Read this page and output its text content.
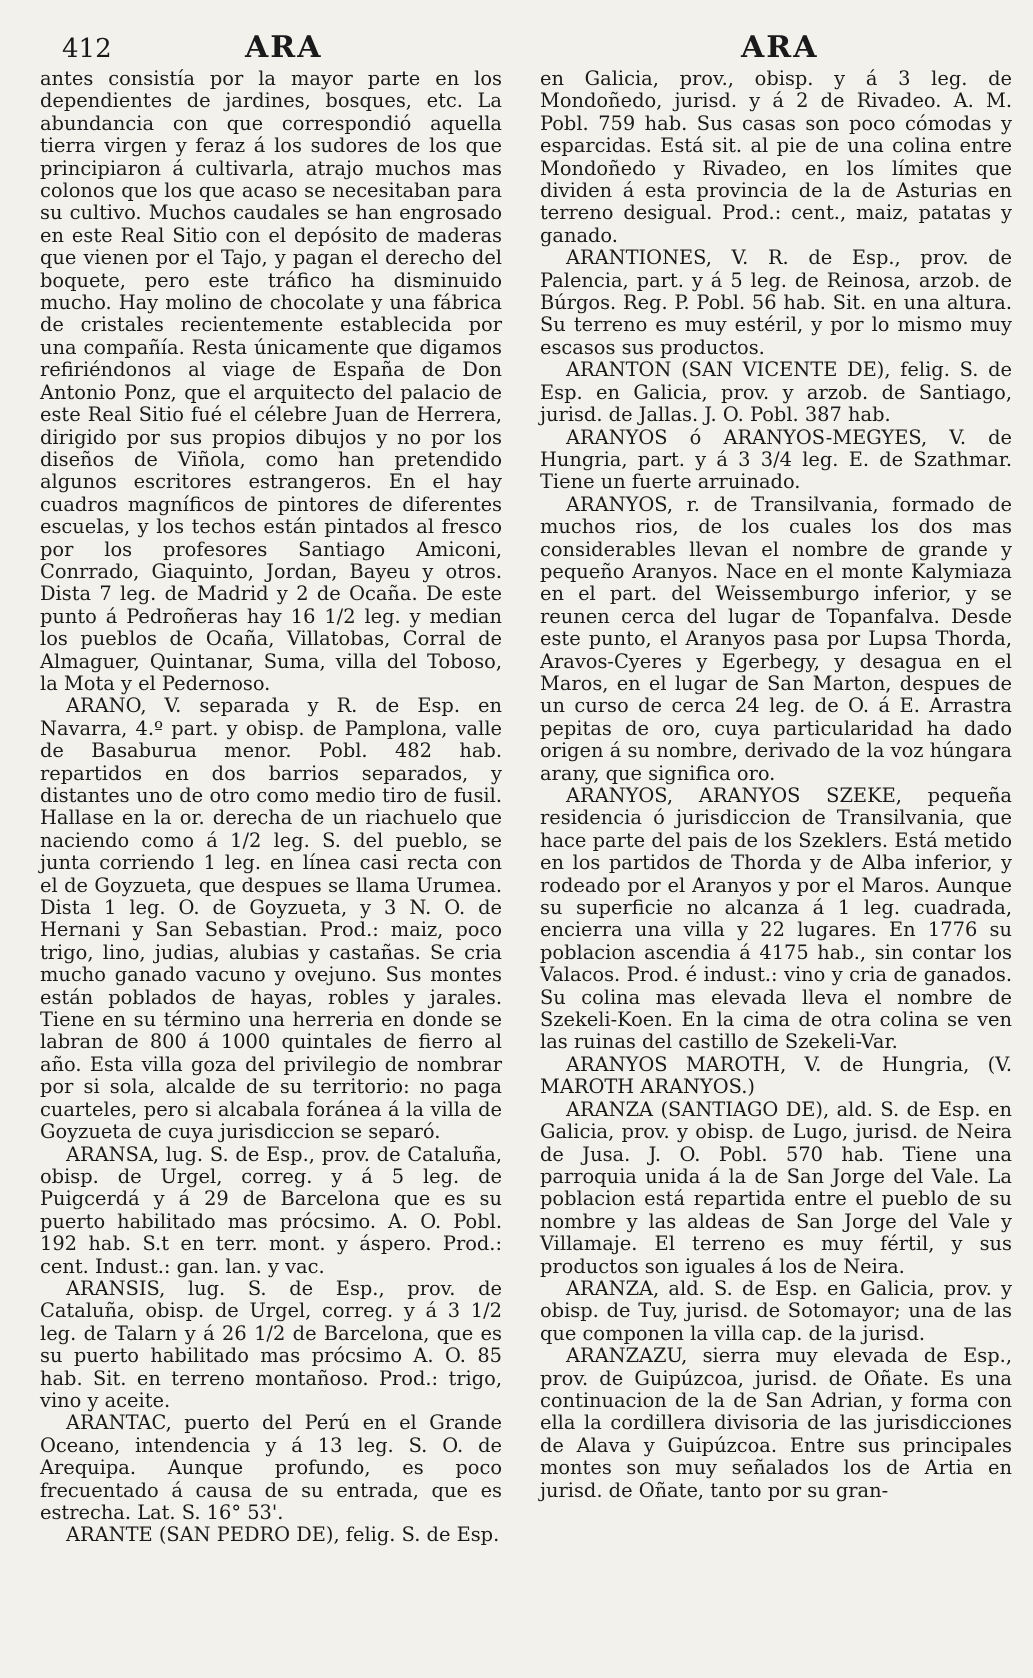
412	ARA	ARA

antes consistía por la mayor parte en los dependientes de jardines, bosques, etc. La abundancia con que correspondió aquella tierra virgen y feraz á los sudores de los que principiaron á cultivarla, atrajo muchos mas colonos que los que acaso se necesitaban para su cultivo. Muchos caudales se han engrosado en este Real Sitio con el depósito de maderas que vienen por el Tajo, y pagan el derecho del boquete, pero este tráfico ha disminuido mucho. Hay molino de chocolate y una fábrica de cristales recientemente establecida por una compañía. Resta únicamente que digamos refiriéndonos al viage de España de Don Antonio Ponz, que el arquitecto del palacio de este Real Sitio fué el célebre Juan de Herrera, dirigido por sus propios dibujos y no por los diseños de Viñola, como han pretendido algunos escritores estrangeros. En el hay cuadros magníficos de pintores de diferentes escuelas, y los techos están pintados al fresco por los profesores Santiago Amiconi, Conrrado, Giaquinto, Jordan, Bayeu y otros. Dista 7 leg. de Madrid y 2 de Ocaña. De este punto á Pedroñeras hay 16 1/2 leg. y median los pueblos de Ocaña, Villatobas, Corral de Almaguer, Quintanar, Suma, villa del Toboso, la Mota y el Pedernoso.

ARANO, V. separada y R. de Esp. en Navarra, 4.º part. y obisp. de Pamplona, valle de Basaburua menor. Pobl. 482 hab. repartidos en dos barrios separados, y distantes uno de otro como medio tiro de fusil. Hallase en la or. derecha de un riachuelo que naciendo como á 1/2 leg. S. del pueblo, se junta corriendo 1 leg. en línea casi recta con el de Goyzueta, que despues se llama Urumea. Dista 1 leg. O. de Goyzueta, y 3 N. O. de Hernani y San Sebastian. Prod.: maiz, poco trigo, lino, judias, alubias y castañas. Se cria mucho ganado vacuno y ovejuno. Sus montes están poblados de hayas, robles y jarales. Tiene en su término una herreria en donde se labran de 800 á 1000 quintales de fierro al año. Esta villa goza del privilegio de nombrar por si sola, alcalde de su territorio: no paga cuarteles, pero si alcabala foránea á la villa de Goyzueta de cuya jurisdiccion se separó.

ARANSA, lug. S. de Esp., prov. de Cataluña, obisp. de Urgel, correg. y á 5 leg. de Puigcerdá y á 29 de Barcelona que es su puerto habilitado mas prócsimo. A. O. Pobl. 192 hab. S.t en terr. mont. y áspero. Prod.: cent. Indust.: gan. lan. y vac.

ARANSIS, lug. S. de Esp., prov. de Cataluña, obisp. de Urgel, correg. y á 3 1/2 leg. de Talarn y á 26 1/2 de Barcelona, que es su puerto habilitado mas prócsimo A. O. 85 hab. Sit. en terreno montañoso. Prod.: trigo, vino y aceite.

ARANTAC, puerto del Perú en el Grande Oceano, intendencia y á 13 leg. S. O. de Arequipa. Aunque profundo, es poco frecuentado á causa de su entrada, que es estrecha. Lat. S. 16° 53'.

ARANTE (SAN PEDRO DE), felig. S. de Esp.

en Galicia, prov., obisp. y á 3 leg. de Mondoñedo, jurisd. y á 2 de Rivadeo. A. M. Pobl. 759 hab. Sus casas son poco cómodas y esparcidas. Está sit. al pie de una colina entre Mondoñedo y Rivadeo, en los límites que dividen á esta provincia de la de Asturias en terreno desigual. Prod.: cent., maiz, patatas y ganado.

ARANTIONES, V. R. de Esp., prov. de Palencia, part. y á 5 leg. de Reinosa, arzob. de Búrgos. Reg. P. Pobl. 56 hab. Sit. en una altura. Su terreno es muy estéril, y por lo mismo muy escasos sus productos.

ARANTON (SAN VICENTE DE), felig. S. de Esp. en Galicia, prov. y arzob. de Santiago, jurisd. de Jallas. J. O. Pobl. 387 hab.

ARANYOS ó ARANYOS-MEGYES, V. de Hungria, part. y á 3 3/4 leg. E. de Szathmar. Tiene un fuerte arruinado.

ARANYOS, r. de Transilvania, formado de muchos rios, de los cuales los dos mas considerables llevan el nombre de grande y pequeño Aranyos. Nace en el monte Kalymiaza en el part. del Weissemburgo inferior, y se reunen cerca del lugar de Topanfalva. Desde este punto, el Aranyos pasa por Lupsa Thorda, Aravos-Cyeres y Egerbegy, y desagua en el Maros, en el lugar de San Marton, despues de un curso de cerca 24 leg. de O. á E. Arrastra pepitas de oro, cuya particularidad ha dado origen á su nombre, derivado de la voz húngara arany, que significa oro.

ARANYOS, ARANYOS SZEKE, pequeña residencia ó jurisdiccion de Transilvania, que hace parte del pais de los Szeklers. Está metido en los partidos de Thorda y de Alba inferior, y rodeado por el Aranyos y por el Maros. Aunque su superficie no alcanza á 1 leg. cuadrada, encierra una villa y 22 lugares. En 1776 su poblacion ascendia á 4175 hab., sin contar los Valacos. Prod. é indust.: vino y cria de ganados. Su colina mas elevada lleva el nombre de Szekeli-Koen. En la cima de otra colina se ven las ruinas del castillo de Szekeli-Var.

ARANYOS MAROTH, V. de Hungria, (V. MAROTH ARANYOS.)

ARANZA (SANTIAGO DE), ald. S. de Esp. en Galicia, prov. y obisp. de Lugo, jurisd. de Neira de Jusa. J. O. Pobl. 570 hab. Tiene una parroquia unida á la de San Jorge del Vale. La poblacion está repartida entre el pueblo de su nombre y las aldeas de San Jorge del Vale y Villamaje. El terreno es muy fértil, y sus productos son iguales á los de Neira.

ARANZA, ald. S. de Esp. en Galicia, prov. y obisp. de Tuy, jurisd. de Sotomayor; una de las que componen la villa cap. de la jurisd.

ARANZAZU, sierra muy elevada de Esp., prov. de Guipúzcoa, jurisd. de Oñate. Es una continuacion de la de San Adrian, y forma con ella la cordillera divisoria de las jurisdicciones de Alava y Guipúzcoa. Entre sus principales montes son muy señalados los de Artia en jurisd. de Oñate, tanto por su gran-
